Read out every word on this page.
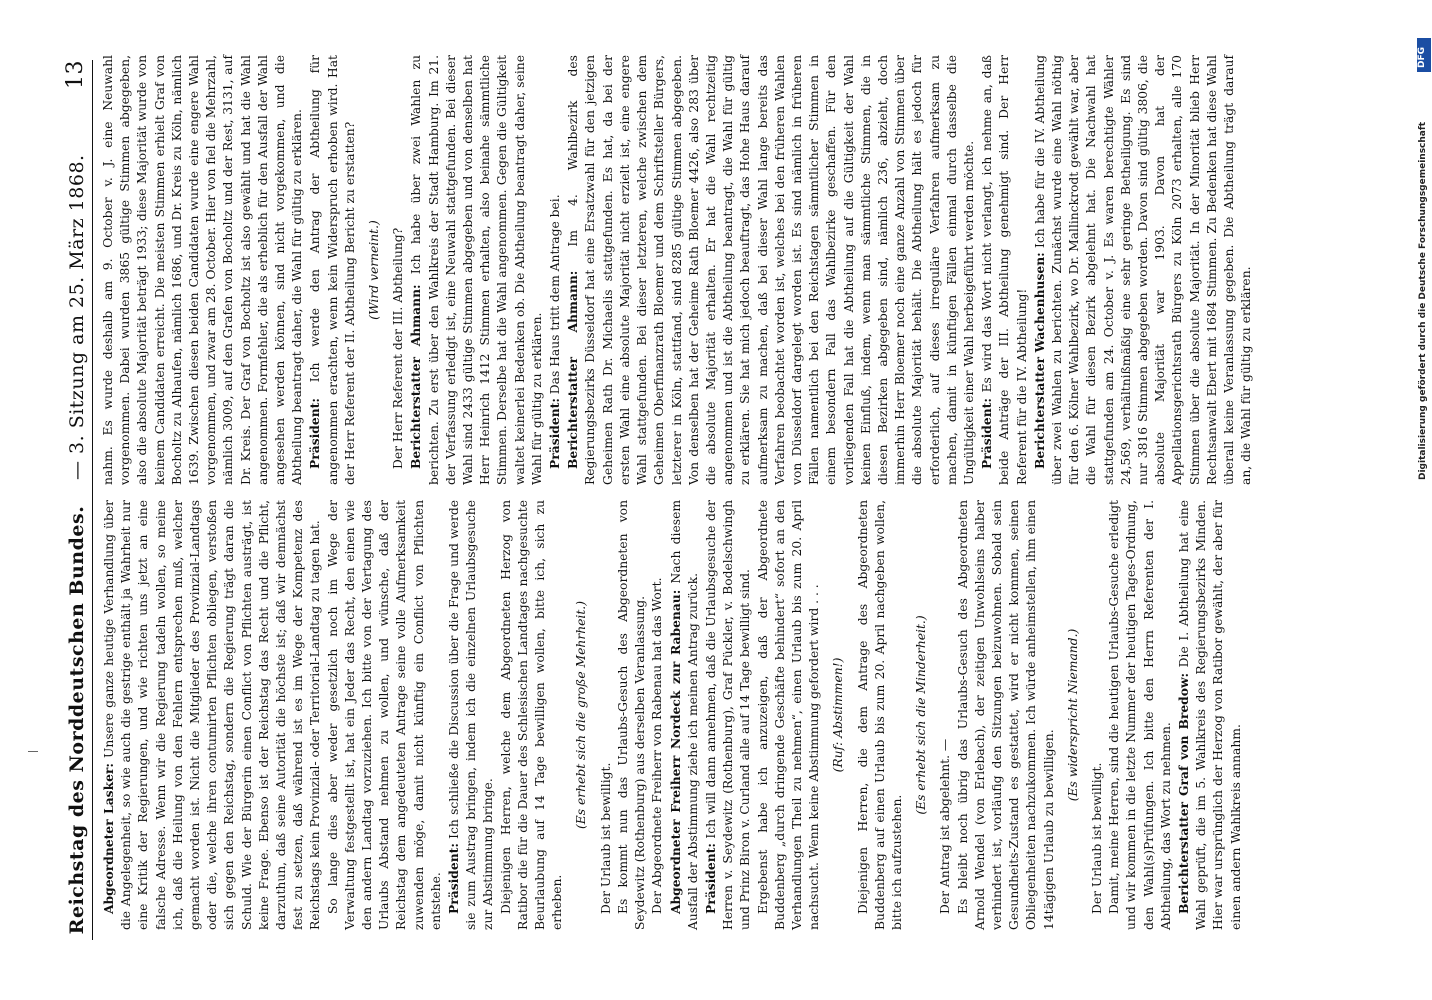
Reichstag des Norddeutschen Bundes.
— 3. Sitzung am 25. März 1868.
13

Abgeordneter Lasker: Unsere ganze heutige Verhandlung über die Angelegenheit, so wie auch die gestrige enthält ja Wahrheit nur eine Kritik der Regierungen, und wie richten uns jetzt an eine falsche Adresse. Wenn wir die Regierung tadeln wollen, so meine ich, daß die Heilung von den Fehlern entsprechen muß, welcher gemacht worden ist. Nicht die Mitglieder des Provinzial-Landtags oder die, welche ihren contumirten Pflichten obliegen, verstoßen sich gegen den Reichstag, sondern die Regierung trägt daran die Schuld. Wie der Bürgerin einen Conflict von Pflichten austrägt, ist keine Frage. Ebenso ist der Reichstag das Recht und die Pflicht, darzuthun, daß seine Autorität die höchste ist; daß wir demnächst fest zu setzen, daß während ist es im Wege der Kompetenz des Reichstags kein Provinzial- oder Territorial-Landtag zu tagen hat. So lange dies aber weder gesetzlich noch im Wege der Verwaltung festgestellt ist, hat ein Jeder das Recht, den einen wie den andern Landtag vorzuziehen. Ich bitte von der Vertagung des Urlaubs Abstand nehmen zu wollen, und wünsche, daß der Reichstag dem angedeuteten Antrage seine volle Aufmerksamkeit zuwenden möge, damit nicht künftig ein Conflict von Pflichten entstehe. Präsident: Ich schließe die Discussion über die Frage und werde sie zum Austrag bringen, indem ich die einzelnen Urlaubsgesuche zur Abstimmung bringe. Diejenigen Herren, welche dem Abgeordneten Herzog von Ratibor die für die Dauer des Schlesischen Landtages nachgesuchte Beurlaubung auf 14 Tage bewilligen wollen, bitte ich, sich zu erheben.

(Es erhebt sich die große Mehrheit.)

Der Urlaub ist bewilligt. Es kommt nun das Urlaubs-Gesuch des Abgeordneten von Seydewitz (Rothenburg) aus derselben Veranlassung. Der Abgeordnete Freiherr von Rabenau hat das Wort. Abgeordneter Freiherr Nordeck zur Rabenau: Nach diesem Ausfall der Abstimmung ziehe ich meinen Antrag zurück. Präsident: Ich will dann annehmen, daß die Urlaubsgesuche der Herren v. Seydewitz (Rothenburg), Graf Pückler, v. Bodelschwingh und Prinz Biron v. Curland alle auf 14 Tage bewilligt sind. Ergebenst habe ich anzuzeigen, daß der Abgeordnete Buddenberg „durch dringende Geschäfte behindert“ sofort an den Verhandlungen Theil zu nehmen“, einen Urlaub bis zum 20. April nachsucht. Wenn keine Abstimmung gefordert wird . . . (Ruf: Abstimmen!) Diejenigen Herren, die dem Antrage des Abgeordneten Buddenberg auf einen Urlaub bis zum 20. April nachgeben wollen, bitte ich aufzustehen.

(Es erhebt sich die Minderheit.)

Der Antrag ist abgelehnt. — Es bleibt noch übrig das Urlaubs-Gesuch des Abgeordneten Arnold Wendel (von Erlebach), der zeitigen Unwohlseins halber verhindert ist, vorläufig den Sitzungen beizuwohnen. Sobald sein Gesundheits-Zustand es gestattet, wird er nicht kommen, seinen Obliegenheiten nachzukommen. Ich würde anheimstellen, ihm einen 14tägigen Urlaub zu bewilligen.

(Es widerspricht Niemand.)

Der Urlaub ist bewilligt. Damit, meine Herren, sind die heutigen Urlaubs-Gesuche erledigt und wir kommen in die letzte Nummer der heutigen Tages-Ordnung, den Wahl(s)Prüfungen. Ich bitte den Herrn Referenten der I. Abtheilung, das Wort zu nehmen. Berichterstatter Graf von Bredow: Die I. Abtheilung hat eine Wahl geprüft, die im 5. Wahlkreis des Regierungsbezirks Minden. Hier war ursprünglich der Herzog von Ratibor gewählt, der aber für einen andern Wahlkreis annahm.

nahm. Es wurde deshalb am 9. October v. J. eine Neuwahl vorgenommen. Dabei wurden 3865 gültige Stimmen abgegeben, also die absolute Majorität beträgt 1933; diese Majorität wurde von keinem Candidaten erreicht. Die meisten Stimmen erhielt Graf von Bocholtz zu Alhaufen, nämlich 1686, und Dr. Kreis zu Köln, nämlich 1639. Zwischen diesen beiden Candidaten wurde eine engere Wahl vorgenommen, und zwar am 28. October. Hier von fiel die Mehrzahl, nämlich 3009, auf den Grafen von Bocholtz und der Rest, 3131, auf Dr. Kreis. Der Graf von Bocholtz ist also gewählt und hat die Wahl angenommen. Formfehler, die als erheblich für den Ausfall der Wahl angesehen werden können, sind nicht vorgekommen, und die Abtheilung beantragt daher, die Wahl für gültig zu erklären. Präsident: Ich werde den Antrag der Abtheilung für angenommen erachten, wenn kein Widerspruch erhoben wird. Hat der Herr Referent der II. Abtheilung Bericht zu erstatten? (Wird verneint.) Der Herr Referent der III. Abtheilung? Berichterstatter Ahmann: Ich habe über zwei Wahlen zu berichten. Zu erst über den Wahlkreis der Stadt Hamburg. Im 21. der Verfassung erledigt ist, eine Neuwahl stattgefunden. Bei dieser Wahl sind 2433 gültige Stimmen abgegeben und von denselben hat Herr Heinrich 1412 Stimmen erhalten, also beinahe sämmtliche Stimmen. Derselbe hat die Wahl angenommen. Gegen die Gültigkeit waltet keinerlei Bedenken ob. Die Abtheilung beantragt daher, seine Wahl für gültig zu erklären. Präsident: Das Haus tritt dem Antrage bei. Berichterstatter Ahmann: Im 4. Wahlbezirk des Regierungsbezirks Düsseldorf hat eine Ersatzwahl für den jetzigen Geheimen Rath Dr. Michaelis stattgefunden. Es hat, da bei der ersten Wahl eine absolute Majorität nicht erzielt ist, eine engere Wahl stattgefunden. Bei dieser letzteren, welche zwischen dem Geheimen Oberfinanzrath Bloemer und dem Schriftsteller Bürgers, letzterer in Köln, stattfand, sind 8285 gültige Stimmen abgegeben. Von denselben hat der Geheime Rath Bloemer 4426, also 283 über die absolute Majorität erhalten. Er hat die Wahl rechtzeitig angenommen und ist die Abtheilung beantragt, die Wahl für gültig zu erklären. Sie hat mich jedoch beauftragt, das Hohe Haus darauf aufmerksam zu machen, daß bei dieser Wahl lange bereits das Verfahren beobachtet worden ist, welches bei den früheren Wahlen von Düsseldorf dargelegt worden ist. Es sind nämlich in früheren Fällen namentlich bei den Reichstagen sämmtlicher Stimmen in einem besondern Fall das Wahlbezirke geschaffen. Für den vorliegenden Fall hat die Abtheilung auf die Gültigkeit der Wahl keinen Einfluß, indem, wenn man sämmtliche Stimmen, die in diesen Bezirken abgegeben sind, nämlich 236, abzieht, doch immerhin Herr Bloemer noch eine ganze Anzahl von Stimmen über die absolute Majorität behält. Die Abtheilung hält es jedoch für erforderlich, auf dieses irreguläre Verfahren aufmerksam zu machen, damit in künftigen Fällen einmal durch dasselbe die Ungültigkeit einer Wahl herbeigeführt werden möchte. Präsident: Es wird das Wort nicht verlangt, ich nehme an, daß beide Anträge der III. Abtheilung genehmigt sind. Der Herr Referent für die IV. Abtheilung! Berichterstatter Wachenhusen: Ich habe für die IV. Abtheilung über zwei Wahlen zu berichten. Zunächst wurde eine Wahl nöthig für den 6. Kölner Wahlbezirk, wo Dr. Mallinckrodt gewählt war, aber die Wahl für diesen Bezirk abgelehnt hat. Die Nachwahl hat stattgefunden am 24. October v. J. Es waren berechtigte Wähler 24,569, verhältnißmäßig eine sehr geringe Betheiligung. Es sind nur 3816 Stimmen abgegeben worden. Davon sind gültig 3806, die absolute Majorität war 1903. Davon hat der Appellationsgerichtsrath Bürgers zu Köln 2073 erhalten, alle 170 Stimmen über die absolute Majorität. In der Minorität blieb Herr Rechtsanwalt Ebert mit 1684 Stimmen. Zu Bedenken hat diese Wahl überall keine Veranlassung gegeben. Die Abtheilung trägt darauf an, die Wahl für gültig zu erklären.

DFG
Digitalisierung gefördert durch die Deutsche Forschungsgemeinschaft
